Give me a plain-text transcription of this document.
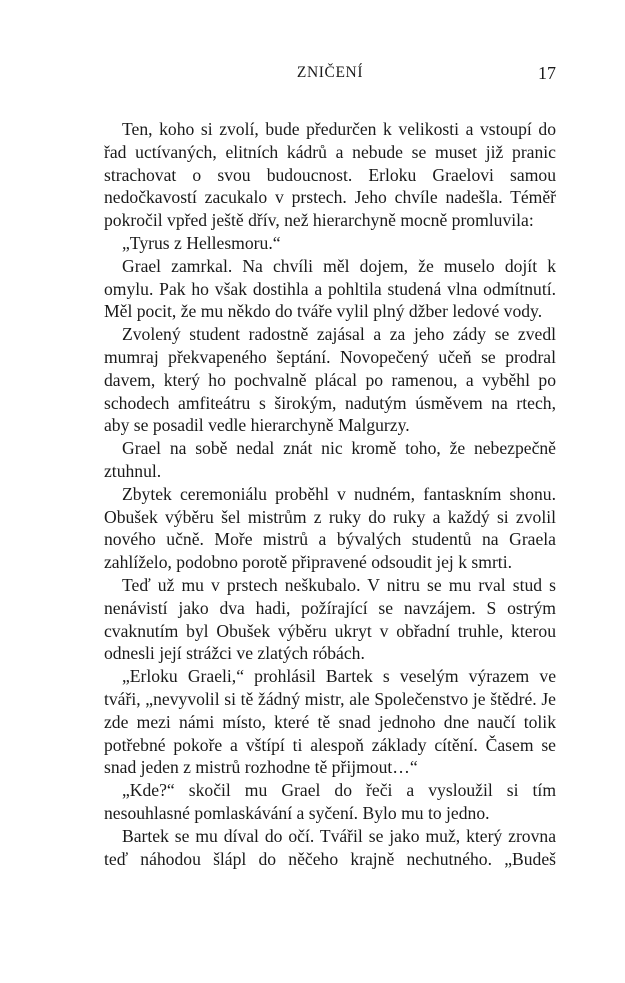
ZNIČENÍ	17

Ten, koho si zvolí, bude předurčen k velikosti a vstoupí do řad uctívaných, elitních kádrů a nebude se muset již pranic strachovat o svou budoucnost. Erloku Graelovi samou nedočkavostí zacukalo v prstech. Jeho chvíle nadešla. Téměř pokročil vpřed ještě dřív, než hierarchyně mocně promluvila:

„Tyrus z Hellesmoru.“

Grael zamrkal. Na chvíli měl dojem, že muselo dojít k omylu. Pak ho však dostihla a pohltila studená vlna odmítnutí. Měl pocit, že mu někdo do tváře vylil plný džber ledové vody.

Zvolený student radostně zajásal a za jeho zády se zvedl mumraj překvapeného šeptání. Novopečený učeň se prodral davem, který ho pochvalně plácal po ramenou, a vyběhl po schodech amfiteátru s širokým, nadutým úsměvem na rtech, aby se posadil vedle hierarchyně Malgurzy.

Grael na sobě nedal znát nic kromě toho, že nebezpečně ztuhnul.

Zbytek ceremoniálu proběhl v nudném, fantaskním shonu. Obušek výběru šel mistrům z ruky do ruky a každý si zvolil nového učně. Moře mistrů a bývalých studentů na Graela zahlíželo, podobno porotě připravené odsoudit jej k smrti.

Teď už mu v prstech neškubalo. V nitru se mu rval stud s nenávistí jako dva hadi, požírající se navzájem. S ostrým cvaknutím byl Obušek výběru ukryt v obřadní truhle, kterou odnesli její strážci ve zlatých róbách.

„Erloku Graeli,“ prohlásil Bartek s veselým výrazem ve tváři, „nevyvolil si tě žádný mistr, ale Společenstvo je štědré. Je zde mezi námi místo, které tě snad jednoho dne naučí tolik potřebné pokoře a vštípí ti alespoň základy cítění. Časem se snad jeden z mistrů rozhodne tě přijmout…“

„Kde?“ skočil mu Grael do řeči a vysloužil si tím nesouhlasné pomlaskávání a syčení. Bylo mu to jedno.

Bartek se mu díval do očí. Tvářil se jako muž, který zrovna teď náhodou šlápl do něčeho krajně nechutného. „Budeš
